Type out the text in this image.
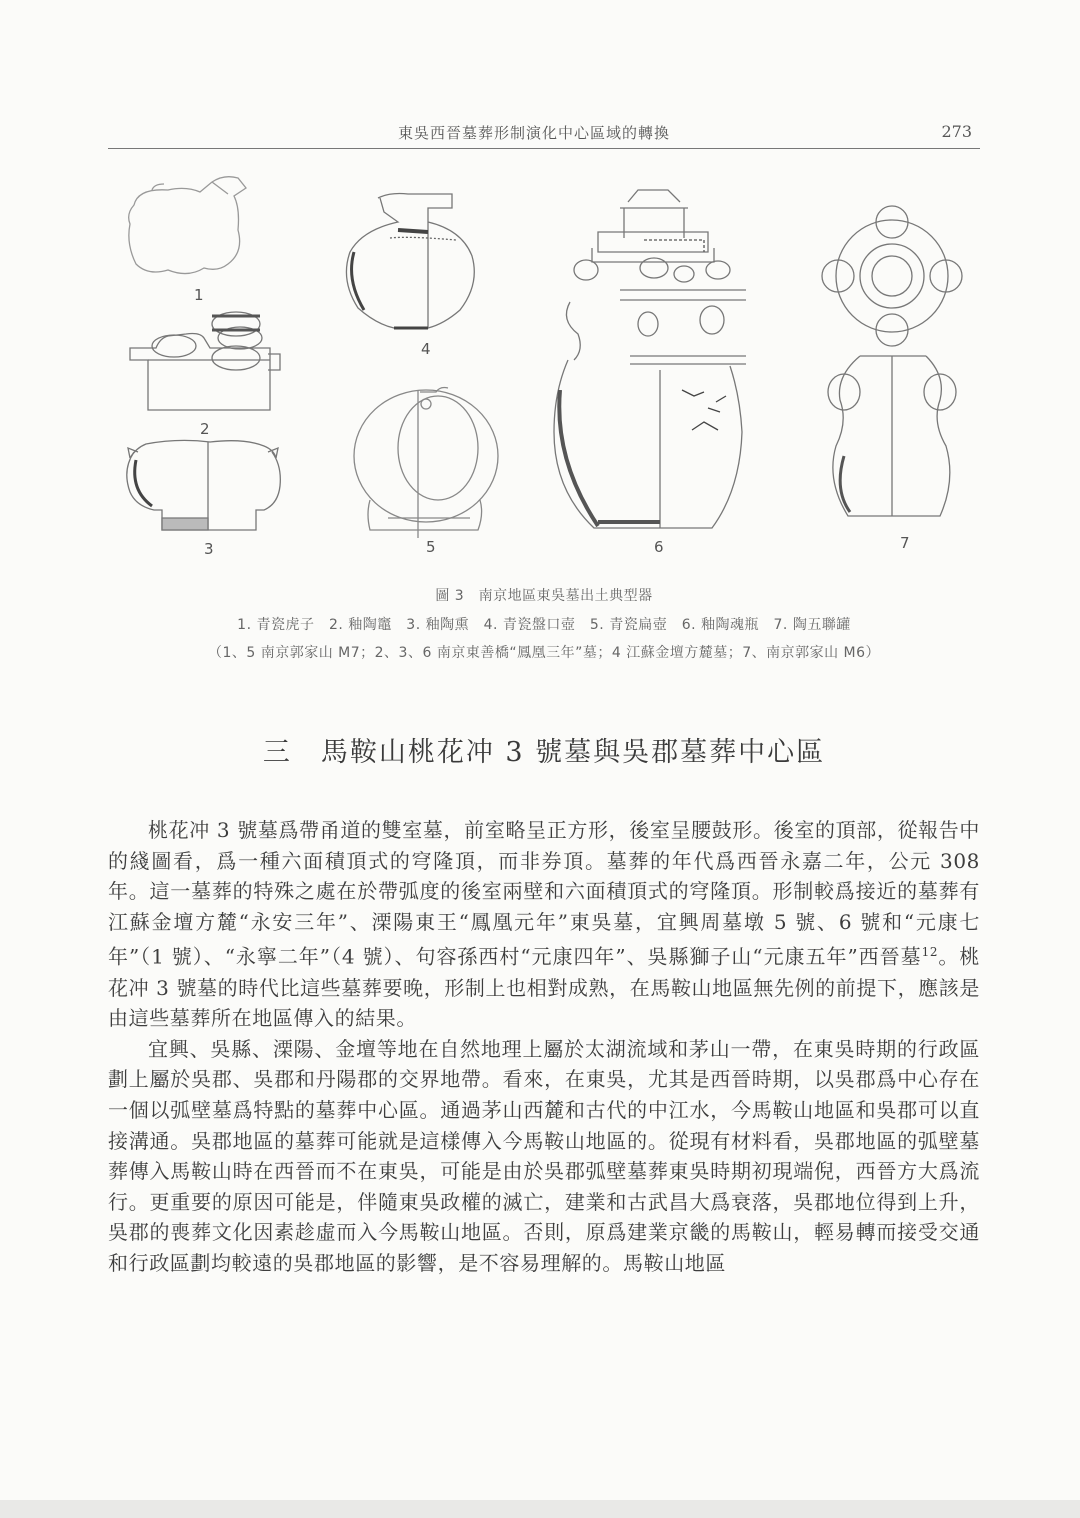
東吳西晉墓葬形制演化中心區域的轉換	273
1
2
3
4
5	6	7
圖 3　南京地區東吳墓出土典型器
1. 青瓷虎子　2. 釉陶竈　3. 釉陶熏　4. 青瓷盤口壺　5. 青瓷扁壺　6. 釉陶魂瓶　7. 陶五聯罐
（1、5 南京郭家山 M7；2、3、6 南京東善橋“鳳凰三年”墓；4 江蘇金壇方麓墓；7、南京郭家山 M6）
三　馬鞍山桃花冲 3 號墓與吳郡墓葬中心區

桃花冲 3 號墓爲帶甬道的雙室墓，前室略呈正方形，後室呈腰鼓形。後室的頂部，從報告中的綫圖看，爲一種六面積頂式的穹隆頂，而非券頂。墓葬的年代爲西晉永嘉二年，公元 308 年。這一墓葬的特殊之處在於帶弧度的後室兩壁和六面積頂式的穹隆頂。形制較爲接近的墓葬有江蘇金壇方麓“永安三年”、溧陽東王“鳳凰元年”東吳墓，宜興周墓墩 5 號、6 號和“元康七年”（1 號）、“永寧二年”（4 號）、句容孫西村“元康四年”、吳縣獅子山“元康五年”西晉墓$^{12}$。桃花冲 3 號墓的時代比這些墓葬要晚，形制上也相對成熟，在馬鞍山地區無先例的前提下，應該是由這些墓葬所在地區傳入的結果。

宜興、吳縣、溧陽、金壇等地在自然地理上屬於太湖流域和茅山一帶，在東吳時期的行政區劃上屬於吳郡、吳郡和丹陽郡的交界地帶。看來，在東吳，尤其是西晉時期，以吳郡爲中心存在一個以弧壁墓爲特點的墓葬中心區。通過茅山西麓和古代的中江水，今馬鞍山地區和吳郡可以直接溝通。吳郡地區的墓葬可能就是這樣傳入今馬鞍山地區的。從現有材料看，吳郡地區的弧壁墓葬傳入馬鞍山時在西晉而不在東吳，可能是由於吳郡弧壁墓葬東吳時期初現端倪，西晉方大爲流行。更重要的原因可能是，伴隨東吳政權的滅亡，建業和古武昌大爲衰落，吳郡地位得到上升，吳郡的喪葬文化因素趁虛而入今馬鞍山地區。否則，原爲建業京畿的馬鞍山，輕易轉而接受交通和行政區劃均較遠的吳郡地區的影響，是不容易理解的。馬鞍山地區
